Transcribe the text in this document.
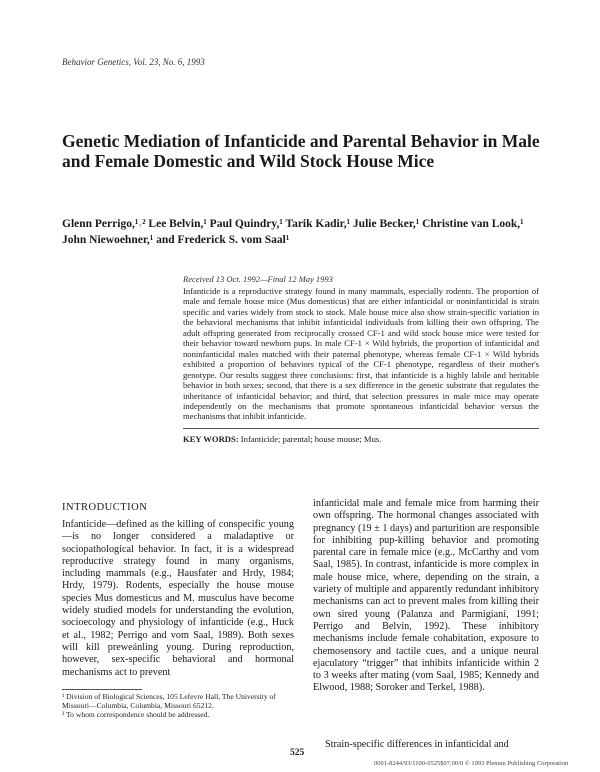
Behavior Genetics, Vol. 23, No. 6, 1993
Genetic Mediation of Infanticide and Parental Behavior in Male and Female Domestic and Wild Stock House Mice
Glenn Perrigo,¹˒² Lee Belvin,¹ Paul Quindry,¹ Tarik Kadir,¹ Julie Becker,¹ Christine van Look,¹ John Niewoehner,¹ and Frederick S. vom Saal¹
Received 13 Oct. 1992—Final 12 May 1993

Infanticide is a reproductive strategy found in many mammals, especially rodents. The proportion of male and female house mice (Mus domesticus) that are either infanticidal or noninfanticidal is strain specific and varies widely from stock to stock. Male house mice also show strain-specific variation in the behavioral mechanisms that inhibit infanticidal individuals from killing their own offspring. The adult offspring generated from reciprocally crossed CF-1 and wild stock house mice were tested for their behavior toward newborn pups. In male CF-1 × Wild hybrids, the proportion of infanticidal and noninfanticidal males matched with their paternal phenotype, whereas female CF-1 × Wild hybrids exhibited a proportion of behaviors typical of the CF-1 phenotype, regardless of their mother's genotype. Our results suggest three conclusions: first, that infanticide is a highly labile and heritable behavior in both sexes; second, that there is a sex difference in the genetic substrate that regulates the inheritance of infanticidal behavior; and third, that selection pressures in male mice may operate independently on the mechanisms that promote spontaneous infanticidal behavior versus the mechanisms that inhibit infanticide.

KEY WORDS: Infanticide; parental; house mouse; Mus.
INTRODUCTION

Infanticide—defined as the killing of conspecific young—is no longer considered a maladaptive or sociopathological behavior. In fact, it is a widespread reproductive strategy found in many organisms, including mammals (e.g., Hausfater and Hrdy, 1984; Hrdy, 1979). Rodents, especially the house mouse species Mus domesticus and M. musculus have become widely studied models for understanding the evolution, socioecology and physiology of infanticide (e.g., Huck et al., 1982; Perrigo and vom Saal, 1989). Both sexes will kill preweánling young. During reproduction, however, sex-specific behavioral and hormonal mechanisms act to prevent

infanticidal male and female mice from harming their own offspring. The hormonal changes associated with pregnancy (19 ± 1 days) and parturition are responsible for inhibiting pup-killing behavior and promoting parental care in female mice (e.g., McCarthy and vom Saal, 1985). In contrast, infanticide is more complex in male house mice, where, depending on the strain, a variety of multiple and apparently redundant inhibitory mechanisms can act to prevent males from killing their own sired young (Palanza and Parmigiani, 1991; Perrigo and Belvin, 1992). These inhibitory mechanisms include female cohabitation, exposure to chemosensory and tactile cues, and a unique neural ejaculatory “trigger” that inhibits infanticide within 2 to 3 weeks after mating (vom Saal, 1985; Kennedy and Elwood, 1988; Soroker and Terkel, 1988).

Strain-specific differences in infanticidal and

¹ Division of Biological Sciences, 105 Lefevre Hall, The University of Missouri—Columbia, Columbia, Missouri 65212.

² To whom correspondence should be addressed.

525
0001-8244/93/1100-0525$07.00/0 © 1993 Plenum Publishing Corporation
